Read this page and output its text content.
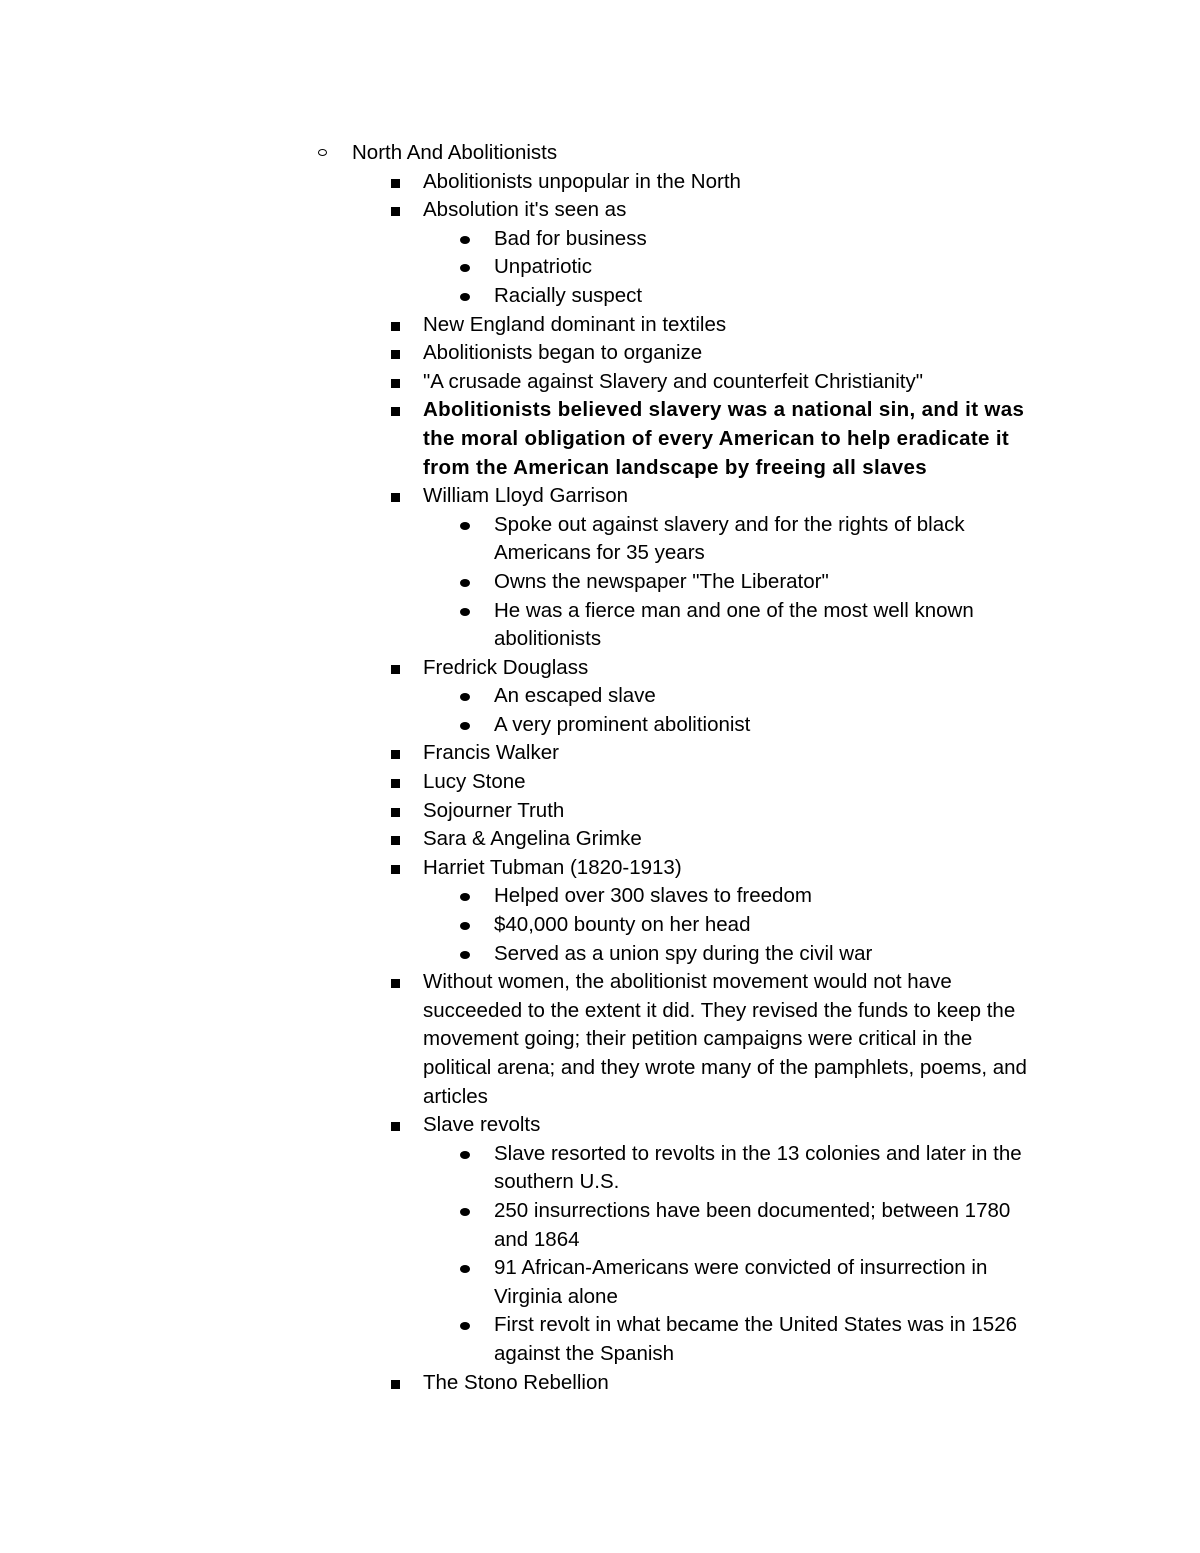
North And Abolitionists
Abolitionists unpopular in the North
Absolution it's seen as
Bad for business
Unpatriotic
Racially suspect
New England dominant in textiles
Abolitionists began to organize
"A crusade against Slavery and counterfeit Christianity"
Abolitionists believed slavery was a national sin, and it was
the moral obligation of every American to help eradicate it
from the American landscape by freeing all slaves
William Lloyd Garrison
Spoke out against slavery and for the rights of black
Americans for 35 years
Owns the newspaper "The Liberator"
He was a fierce man and one of the most well known
abolitionists
Fredrick Douglass
An escaped slave
A very prominent abolitionist
Francis Walker
Lucy Stone
Sojourner Truth
Sara & Angelina Grimke
Harriet Tubman (1820-1913)
Helped over 300 slaves to freedom
$40,000 bounty on her head
Served as a union spy during the civil war
Without women, the abolitionist movement would not have
succeeded to the extent it did. They revised the funds to keep the
movement going; their petition campaigns were critical in the
political arena; and they wrote many of the pamphlets, poems, and
articles
Slave revolts
Slave resorted to revolts in the 13 colonies and later in the
southern U.S.
250 insurrections have been documented; between 1780
and 1864
91 African-Americans were convicted of insurrection in
Virginia alone
First revolt in what became the United States was in 1526
against the Spanish
The Stono Rebellion
